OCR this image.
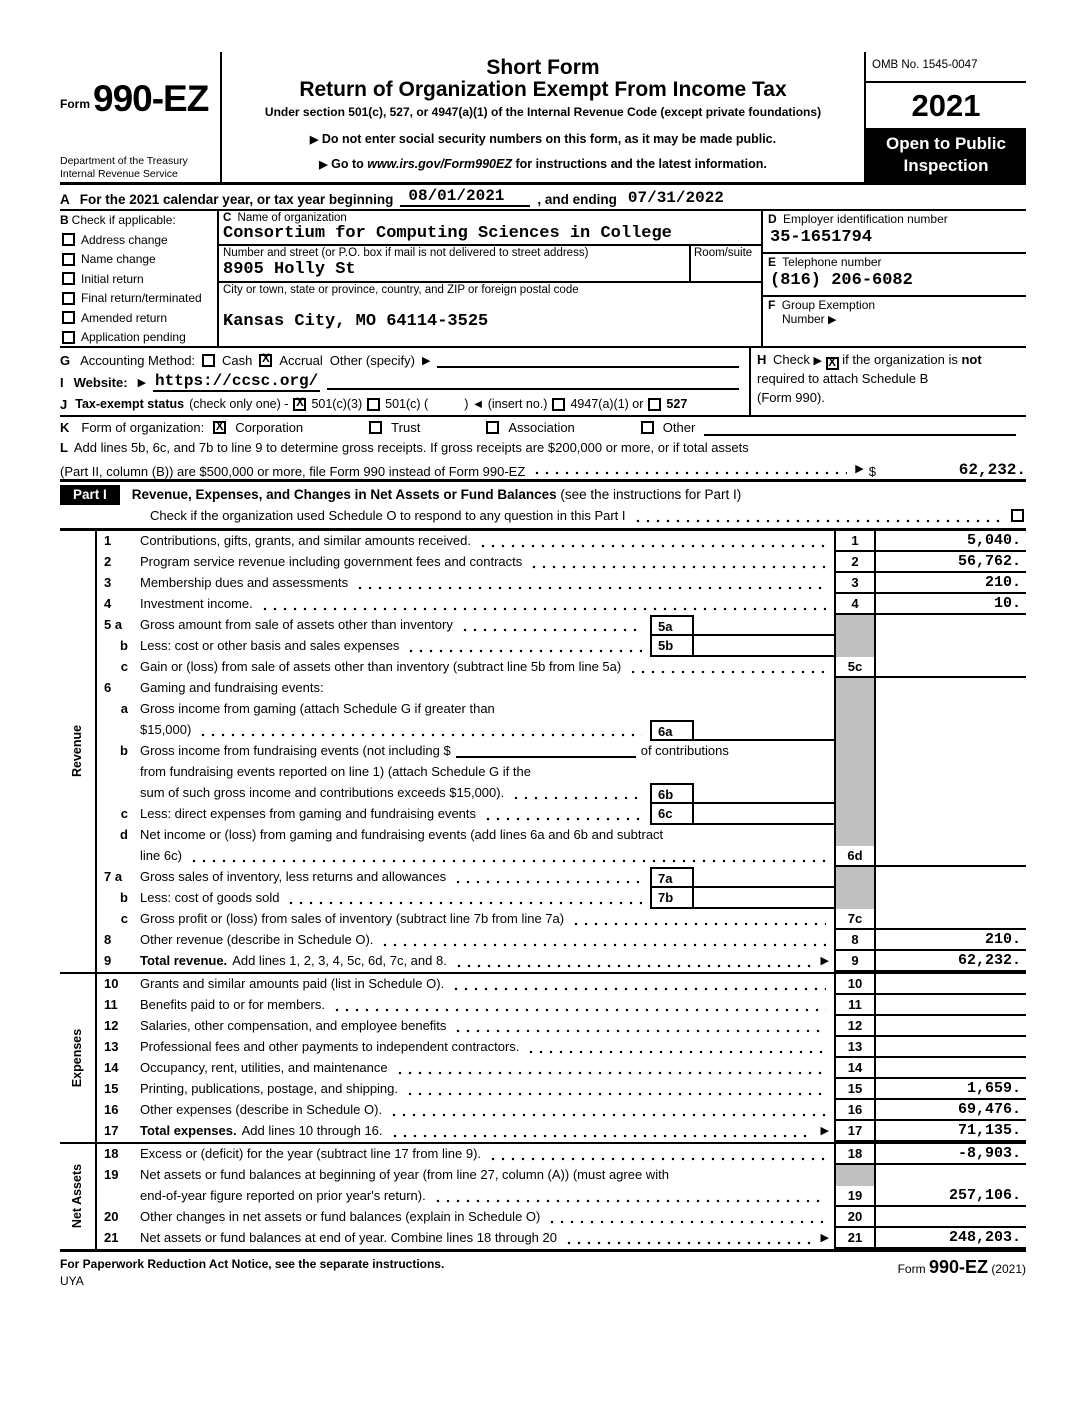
Form 990-EZ
Department of the Treasury
Internal Revenue Service
Short Form
Return of Organization Exempt From Income Tax
Under section 501(c), 527, or 4947(a)(1) of the Internal Revenue Code (except private foundations)
▶ Do not enter social security numbers on this form, as it may be made public.
▶ Go to www.irs.gov/Form990EZ for instructions and the latest information.
OMB No. 1545-0047
2021
Open to Public
Inspection
A For the 2021 calendar year, or tax year beginning 08/01/2021	, and ending 07/31/2022
B Check if applicable:
Address change
Name change
Initial return
Final return/terminated
Amended return
Application pending
C Name of organization
Consortium for Computing Sciences in College
Number and street (or P.O. box if mail is not delivered to street address)
8905 Holly St
Room/suite
City or town, state or province, country, and ZIP or foreign postal code
Kansas City, MO 64114-3525
D Employer identification number
35-1651794
E Telephone number
(816) 206-6082
F Group Exemption
Number ▶
G Accounting Method: Cash X Accrual Other (specify) ▶
I Website: ▶ https://ccsc.org/
J Tax-exempt status (check only one) - X 501(c)(3) 501(c) (	) ◄ (insert no.) 4947(a)(1) or 527
H Check ▶ X if the organization is not
required to attach Schedule B
(Form 990).
K Form of organization: X Corporation	Trust	Association	Other
L Add lines 5b, 6c, and 7b to line 9 to determine gross receipts. If gross receipts are $200,000 or more, or if total assets
(Part II, column (B)) are $500,000 or more, file Form 990 instead of Form 990-EZ	▶ $	62,232.
Part I	Revenue, Expenses, and Changes in Net Assets or Fund Balances (see the instructions for Part I)
Check if the organization used Schedule O to respond to any question in this Part I
Revenue
1	Contributions, gifts, grants, and similar amounts received.	1	5,040.
2	Program service revenue including government fees and contracts	2	56,762.
3	Membership dues and assessments	3	210.
4	Investment income.	4	10.
5 a	Gross amount from sale of assets other than inventory	5a
b Less: cost or other basis and sales expenses	5b
c Gain or (loss) from sale of assets other than inventory (subtract line 5b from line 5a)	5c
6	Gaming and fundraising events:
a Gross income from gaming (attach Schedule G if greater than
$15,000)	6a
b Gross income from fundraising events (not including $	of contributions
from fundraising events reported on line 1) (attach Schedule G if the
sum of such gross income and contributions exceeds $15,000).	6b
c Less: direct expenses from gaming and fundraising events	6c
d Net income or (loss) from gaming and fundraising events (add lines 6a and 6b and subtract
line 6c)	6d
7 a	Gross sales of inventory, less returns and allowances	7a
b Less: cost of goods sold	7b
c Gross profit or (loss) from sales of inventory (subtract line 7b from line 7a)	7c
8	Other revenue (describe in Schedule O).	8	210.
9	Total revenue. Add lines 1, 2, 3, 4, 5c, 6d, 7c, and 8.	▶	9	62,232.
Expenses
10	Grants and similar amounts paid (list in Schedule O).	10
11	Benefits paid to or for members.	11
12	Salaries, other compensation, and employee benefits	12
13	Professional fees and other payments to independent contractors.	13
14	Occupancy, rent, utilities, and maintenance	14
15	Printing, publications, postage, and shipping.	15	1,659.
16	Other expenses (describe in Schedule O).	16	69,476.
17	Total expenses. Add lines 10 through 16.	▶	17	71,135.
Net Assets
18	Excess or (deficit) for the year (subtract line 17 from line 9).	18	-8,903.
19	Net assets or fund balances at beginning of year (from line 27, column (A)) (must agree with
end-of-year figure reported on prior year's return).	19	257,106.
20	Other changes in net assets or fund balances (explain in Schedule O)	20
21	Net assets or fund balances at end of year. Combine lines 18 through 20	▶	21	248,203.
For Paperwork Reduction Act Notice, see the separate instructions.
UYA
Form 990-EZ (2021)
